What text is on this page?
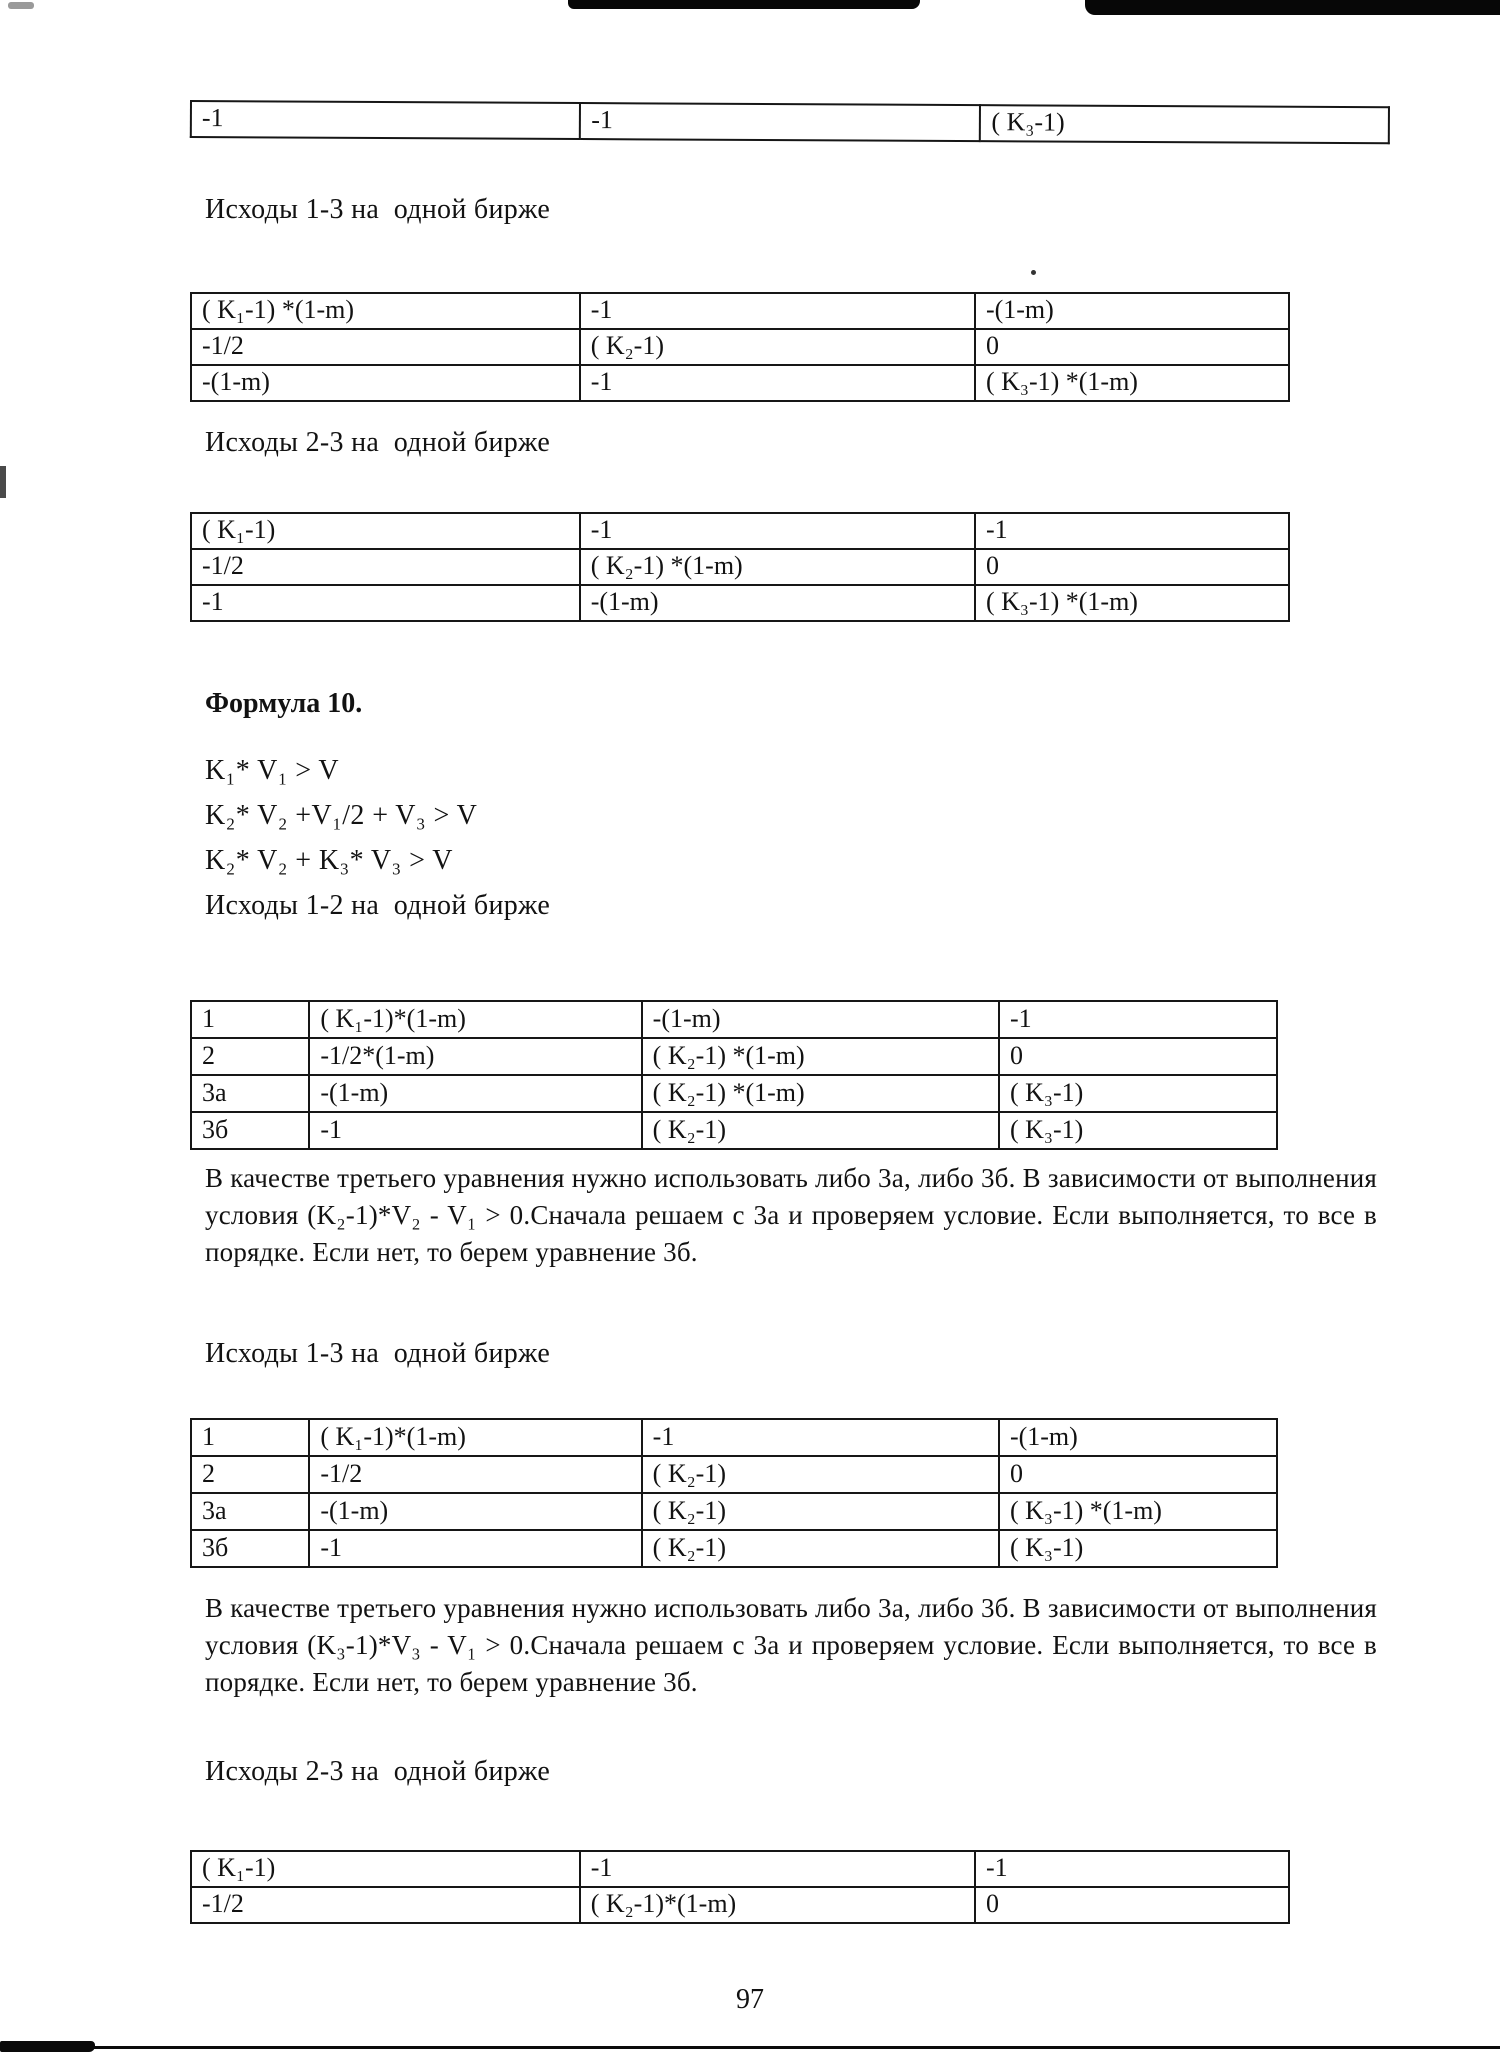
-1	-1	( K₃-1)
Исходы 1-3 на  одной бирже
( K₁-1) *(1-m)	-1	-(1-m)
-1/2	( K₂-1)	0
-(1-m)	-1	( K₃-1) *(1-m)
Исходы 2-3 на  одной бирже
( K₁-1)	-1	-1
-1/2	( K₂-1) *(1-m)	0
-1	-(1-m)	( K₃-1) *(1-m)
Формула 10.
K₁* V₁ > V
K₂* V₂ +V₁/2 + V₃ > V
K₂* V₂ + K₃* V₃ > V
Исходы 1-2 на  одной бирже
1	( K₁-1)*(1-m)	-(1-m)	-1
2	-1/2*(1-m)	( K₂-1) *(1-m)	0
3а	-(1-m)	( K₂-1) *(1-m)	( K₃-1)
3б	-1	( K₂-1)	( K₃-1)
В качестве третьего уравнения нужно использовать либо 3а, либо 3б. В зависимости от выполнения условия (K₂-1)*V₂ - V₁ > 0.Сначала решаем с 3а и проверяем условие. Если выполняется, то все в порядке. Если нет, то берем уравнение 3б.
Исходы 1-3 на  одной бирже
1	( K₁-1)*(1-m)	-1	-(1-m)
2	-1/2	( K₂-1)	0
3а	-(1-m)	( K₂-1)	( K₃-1) *(1-m)
3б	-1	( K₂-1)	( K₃-1)
В качестве третьего уравнения нужно использовать либо 3а, либо 3б. В зависимости от выполнения условия (K₃-1)*V₃ - V₁ > 0.Сначала решаем с 3а и проверяем условие. Если выполняется, то все в порядке. Если нет, то берем уравнение 3б.
Исходы 2-3 на  одной бирже
( K₁-1)	-1	-1
-1/2	( K₂-1)*(1-m)	0
97
